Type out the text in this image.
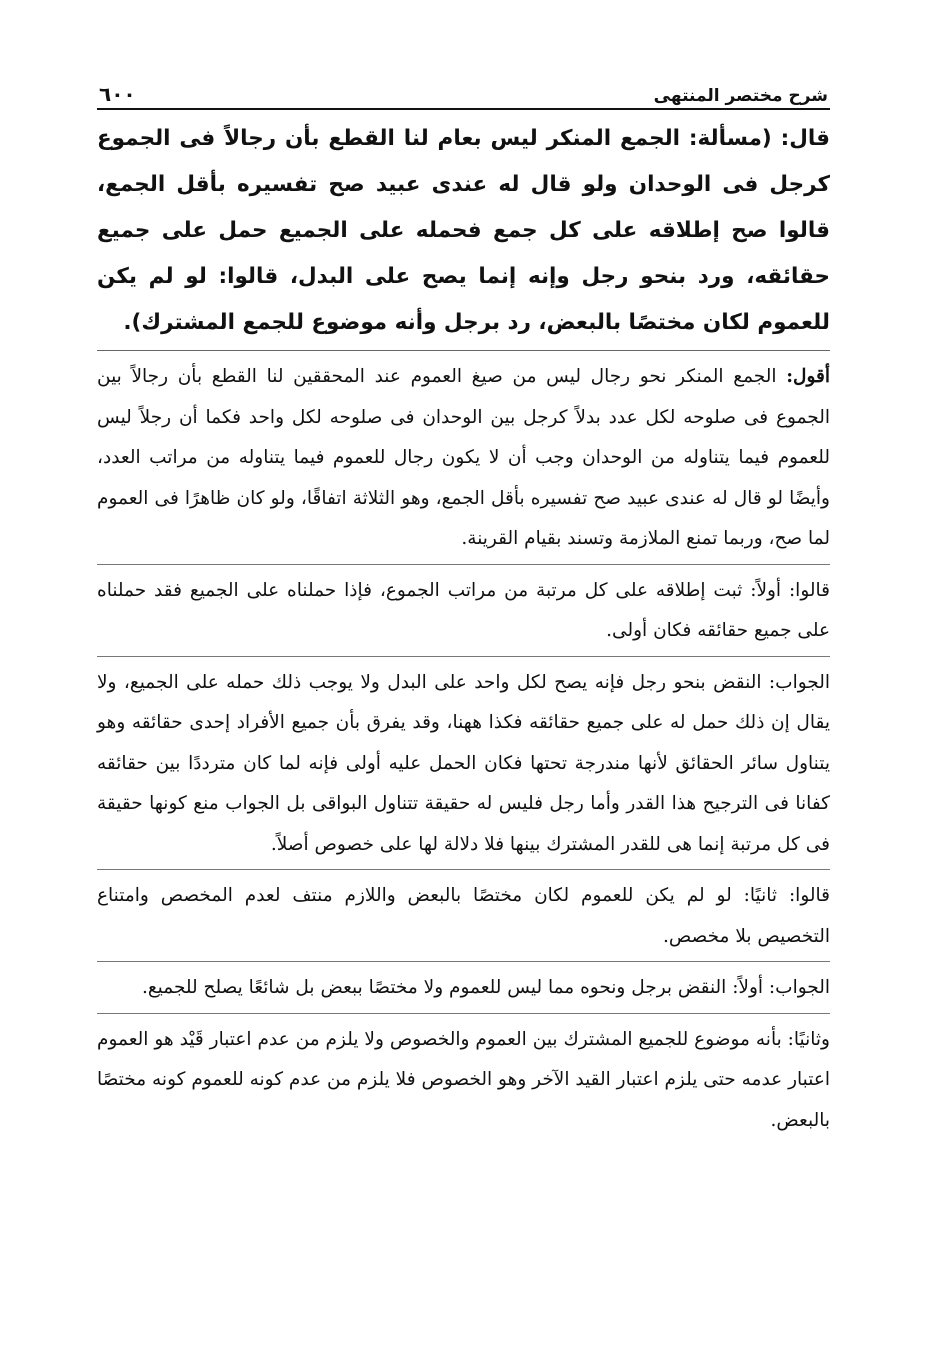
شرح مختصر المنتهى
٦٠٠

قال: (مسألة: الجمع المنكر ليس بعام لنا القطع بأن رجالاً فى الجموع كرجل فى الوحدان ولو قال له عندى عبيد صح تفسيره بأقل الجمع، قالوا صح إطلاقه على كل جمع فحمله على الجميع حمل على جميع حقائقه، ورد بنحو رجل وإنه إنما يصح على البدل، قالوا: لو لم يكن للعموم لكان مختصًا بالبعض، رد برجل وأنه موضوع للجمع المشترك).

أقول: الجمع المنكر نحو رجال ليس من صيغ العموم عند المحققين لنا القطع بأن رجالاً بين الجموع فى صلوحه لكل عدد بدلاً كرجل بين الوحدان فى صلوحه لكل واحد فكما أن رجلاً ليس للعموم فيما يتناوله من الوحدان وجب أن لا يكون رجال للعموم فيما يتناوله من مراتب العدد، وأيضًا لو قال له عندى عبيد صح تفسيره بأقل الجمع، وهو الثلاثة اتفاقًا، ولو كان ظاهرًا فى العموم لما صح، وربما تمنع الملازمة وتسند بقيام القرينة.

قالوا: أولاً: ثبت إطلاقه على كل مرتبة من مراتب الجموع، فإذا حملناه على الجميع فقد حملناه على جميع حقائقه فكان أولى.

الجواب: النقض بنحو رجل فإنه يصح لكل واحد على البدل ولا يوجب ذلك حمله على الجميع، ولا يقال إن ذلك حمل له على جميع حقائقه فكذا ههنا، وقد يفرق بأن جميع الأفراد إحدى حقائقه وهو يتناول سائر الحقائق لأنها مندرجة تحتها فكان الحمل عليه أولى فإنه لما كان مترددًا بين حقائقه كفانا فى الترجيح هذا القدر وأما رجل فليس له حقيقة تتناول البواقى بل الجواب منع كونها حقيقة فى كل مرتبة إنما هى للقدر المشترك بينها فلا دلالة لها على خصوص أصلاً.

قالوا: ثانيًا: لو لم يكن للعموم لكان مختصًا بالبعض واللازم منتف لعدم المخصص وامتناع التخصيص بلا مخصص.

الجواب: أولاً: النقض برجل ونحوه مما ليس للعموم ولا مختصًا ببعض بل شائعًا يصلح للجميع.

وثانيًا: بأنه موضوع للجميع المشترك بين العموم والخصوص ولا يلزم من عدم اعتبار قَيْد هو العموم اعتبار عدمه حتى يلزم اعتبار القيد الآخر وهو الخصوص فلا يلزم من عدم كونه للعموم كونه مختصًا بالبعض.
